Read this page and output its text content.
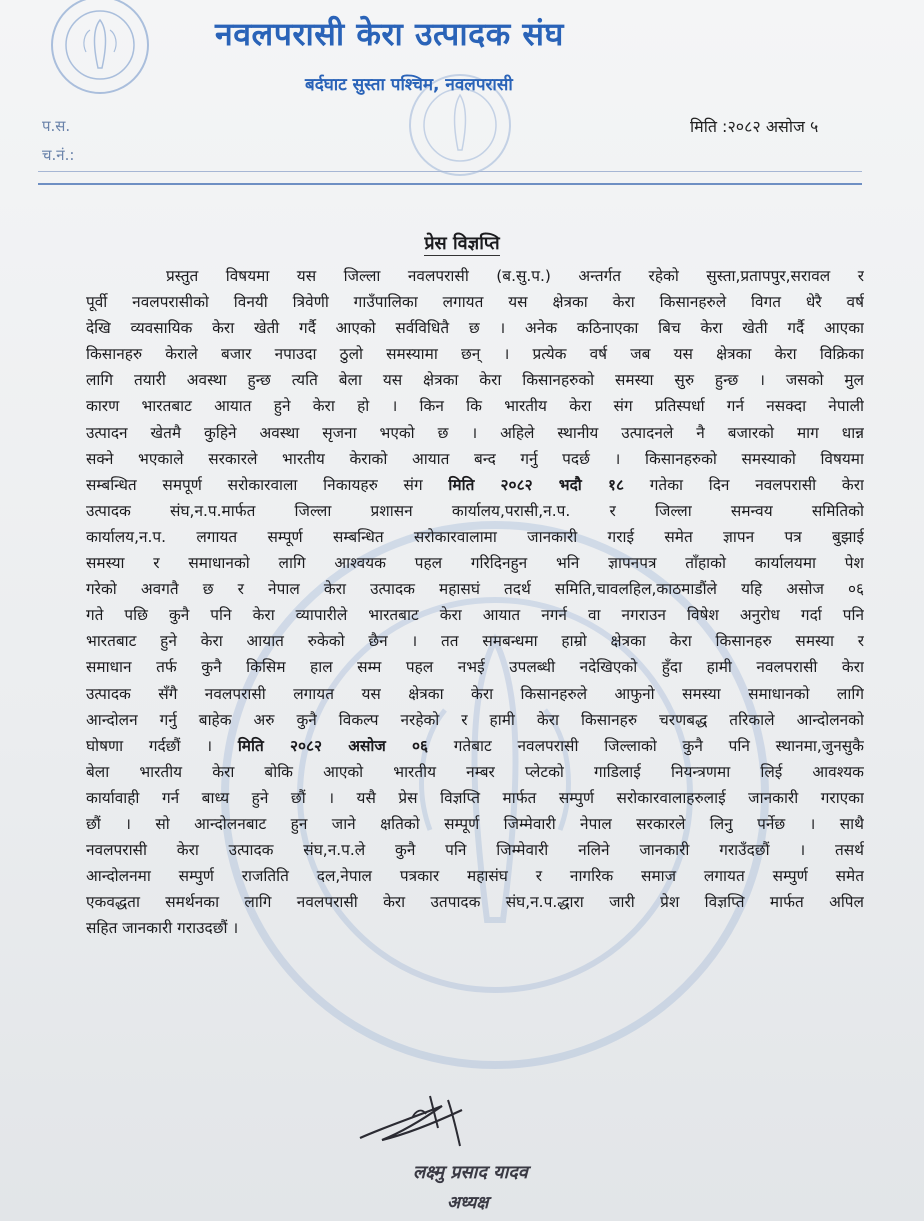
नवलपरासी केरा उत्पादक संघ
बर्दघाट सुस्ता पश्चिम, नवलपरासी
प.स.
च.नं.:
मिति :२०८२ असोज ५
प्रेस विज्ञप्ति
प्रस्तुत विषयमा यस जिल्ला नवलपरासी (ब.सु.प.) अन्तर्गत रहेको सुस्ता,प्रतापपुर,सरावल र
पूर्वी नवलपरासीको विनयी त्रिवेणी गाउँपालिका लगायत यस क्षेत्रका केरा किसानहरुले विगत धेरै वर्ष
देखि व्यवसायिक केरा खेती गर्दै आएको सर्वविधितै छ । अनेक कठिनाएका बिच केरा खेती गर्दै आएका
किसानहरु केराले बजार नपाउदा ठुलो समस्यामा छन् । प्रत्येक वर्ष जब यस क्षेत्रका केरा विक्रिका
लागि तयारी अवस्था हुन्छ त्यति बेला यस क्षेत्रका केरा किसानहरुको समस्या सुरु हुन्छ । जसको मुल
कारण भारतबाट आयात हुने केरा हो । किन कि भारतीय केरा संग प्रतिस्पर्धा गर्न नसक्दा नेपाली
उत्पादन खेतमै कुहिने अवस्था सृजना भएको छ । अहिले स्थानीय उत्पादनले नै बजारको माग धान्न
सक्ने भएकाले सरकारले भारतीय केराको आयात बन्द गर्नु पदर्छ । किसानहरुको समस्याको विषयमा
सम्बन्धित समपूर्ण सरोकारवाला निकायहरु संग मिति २०८२ भदौ १८ गतेका दिन नवलपरासी केरा
उत्पादक संघ,न.प.मार्फत जिल्ला प्रशासन कार्यालय,परासी,न.प. र जिल्ला समन्वय समितिको
कार्यालय,न.प. लगायत सम्पूर्ण सम्बन्धित सरोकारवालामा जानकारी गराई समेत ज्ञापन पत्र बुझाई
समस्या र समाधानको लागि आश्वयक पहल गरिदिनहुन भनि ज्ञापनपत्र ताँहाको कार्यालयमा पेश
गरेको अवगतै छ र नेपाल केरा उत्पादक महासघं तदर्थ समिति,चावलहिल,काठमाडौंले यहि असोज ०६
गते पछि कुनै पनि केरा व्यापारीले भारतबाट केरा आयात नगर्न वा नगराउन विषेश अनुरोध गर्दा पनि
भारतबाट हुने केरा आयात रुकेको छैन । तत समबन्धमा हाम्रो क्षेत्रका केरा किसानहरु समस्या र
समाधान तर्फ कुनै किसिम हाल सम्म पहल नभई उपलब्धी नदेखिएको हुँदा हामी नवलपरासी केरा
उत्पादक सँगै नवलपरासी लगायत यस क्षेत्रका केरा किसानहरुले आफुनो समस्या समाधानको लागि
आन्दोलन गर्नु बाहेक अरु कुनै विकल्प नरहेको र हामी केरा किसानहरु चरणबद्ध तरिकाले आन्दोलनको
घोषणा गर्दछौं । मिति २०८२ असोज ०६ गतेबाट नवलपरासी जिल्लाको कुनै पनि स्थानमा,जुनसुकै
बेला भारतीय केरा बोकि आएको भारतीय नम्बर प्लेटको गाडिलाई नियन्त्रणमा लिई आवश्यक
कार्यावाही गर्न बाध्य हुने छौं । यसै प्रेस विज्ञप्ति मार्फत सम्पुर्ण सरोकारवालाहरुलाई जानकारी गराएका
छौं । सो आन्दोलनबाट हुन जाने क्षतिको सम्पूर्ण जिम्मेवारी नेपाल सरकारले लिनु पर्नेछ । साथै
नवलपरासी केरा उत्पादक संघ,न.प.ले कुनै पनि जिम्मेवारी नलिने जानकारी गराउँदछौं । तसर्थ
आन्दोलनमा सम्पुर्ण राजतिति दल,नेपाल पत्रकार महासंघ र नागरिक समाज लगायत सम्पुर्ण समेत
एकवद्धता समर्थनका लागि नवलपरासी केरा उतपादक संघ,न.प.द्धारा जारी प्रेश विज्ञप्ति मार्फत अपिल
सहित जानकारी गराउदछौं ।
लक्ष्मु प्रसाद यादव
अध्यक्ष
